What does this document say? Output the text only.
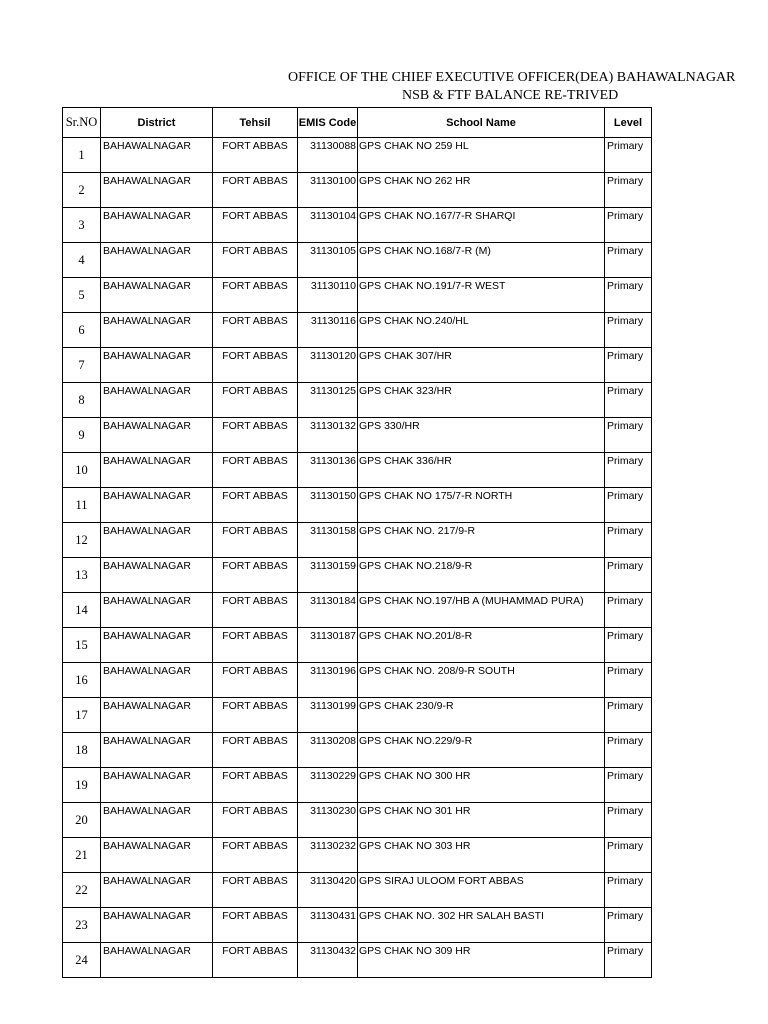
OFFICE OF THE CHIEF EXECUTIVE OFFICER(DEA) BAHAWALNAGAR
NSB & FTF BALANCE RE-TRIVED
Sr.NO	District	Tehsil	EMIS Code	School Name	Level
1	BAHAWALNAGAR	FORT ABBAS	31130088	GPS CHAK NO 259 HL	Primary
2	BAHAWALNAGAR	FORT ABBAS	31130100	GPS CHAK NO 262 HR	Primary
3	BAHAWALNAGAR	FORT ABBAS	31130104	GPS CHAK NO.167/7-R SHARQI	Primary
4	BAHAWALNAGAR	FORT ABBAS	31130105	GPS CHAK NO.168/7-R (M)	Primary
5	BAHAWALNAGAR	FORT ABBAS	31130110	GPS CHAK NO.191/7-R WEST	Primary
6	BAHAWALNAGAR	FORT ABBAS	31130116	GPS CHAK NO.240/HL	Primary
7	BAHAWALNAGAR	FORT ABBAS	31130120	GPS CHAK 307/HR	Primary
8	BAHAWALNAGAR	FORT ABBAS	31130125	GPS CHAK 323/HR	Primary
9	BAHAWALNAGAR	FORT ABBAS	31130132	GPS 330/HR	Primary
10	BAHAWALNAGAR	FORT ABBAS	31130136	GPS CHAK 336/HR	Primary
11	BAHAWALNAGAR	FORT ABBAS	31130150	GPS CHAK NO 175/7-R NORTH	Primary
12	BAHAWALNAGAR	FORT ABBAS	31130158	GPS CHAK NO. 217/9-R	Primary
13	BAHAWALNAGAR	FORT ABBAS	31130159	GPS CHAK NO.218/9-R	Primary
14	BAHAWALNAGAR	FORT ABBAS	31130184	GPS CHAK NO.197/HB A (MUHAMMAD PURA)	Primary
15	BAHAWALNAGAR	FORT ABBAS	31130187	GPS CHAK NO.201/8-R	Primary
16	BAHAWALNAGAR	FORT ABBAS	31130196	GPS CHAK NO. 208/9-R SOUTH	Primary
17	BAHAWALNAGAR	FORT ABBAS	31130199	GPS CHAK 230/9-R	Primary
18	BAHAWALNAGAR	FORT ABBAS	31130208	GPS CHAK NO.229/9-R	Primary
19	BAHAWALNAGAR	FORT ABBAS	31130229	GPS CHAK NO 300 HR	Primary
20	BAHAWALNAGAR	FORT ABBAS	31130230	GPS CHAK NO 301 HR	Primary
21	BAHAWALNAGAR	FORT ABBAS	31130232	GPS CHAK NO 303 HR	Primary
22	BAHAWALNAGAR	FORT ABBAS	31130420	GPS SIRAJ ULOOM FORT ABBAS	Primary
23	BAHAWALNAGAR	FORT ABBAS	31130431	GPS CHAK NO. 302 HR SALAH BASTI	Primary
24	BAHAWALNAGAR	FORT ABBAS	31130432	GPS CHAK NO 309 HR	Primary
